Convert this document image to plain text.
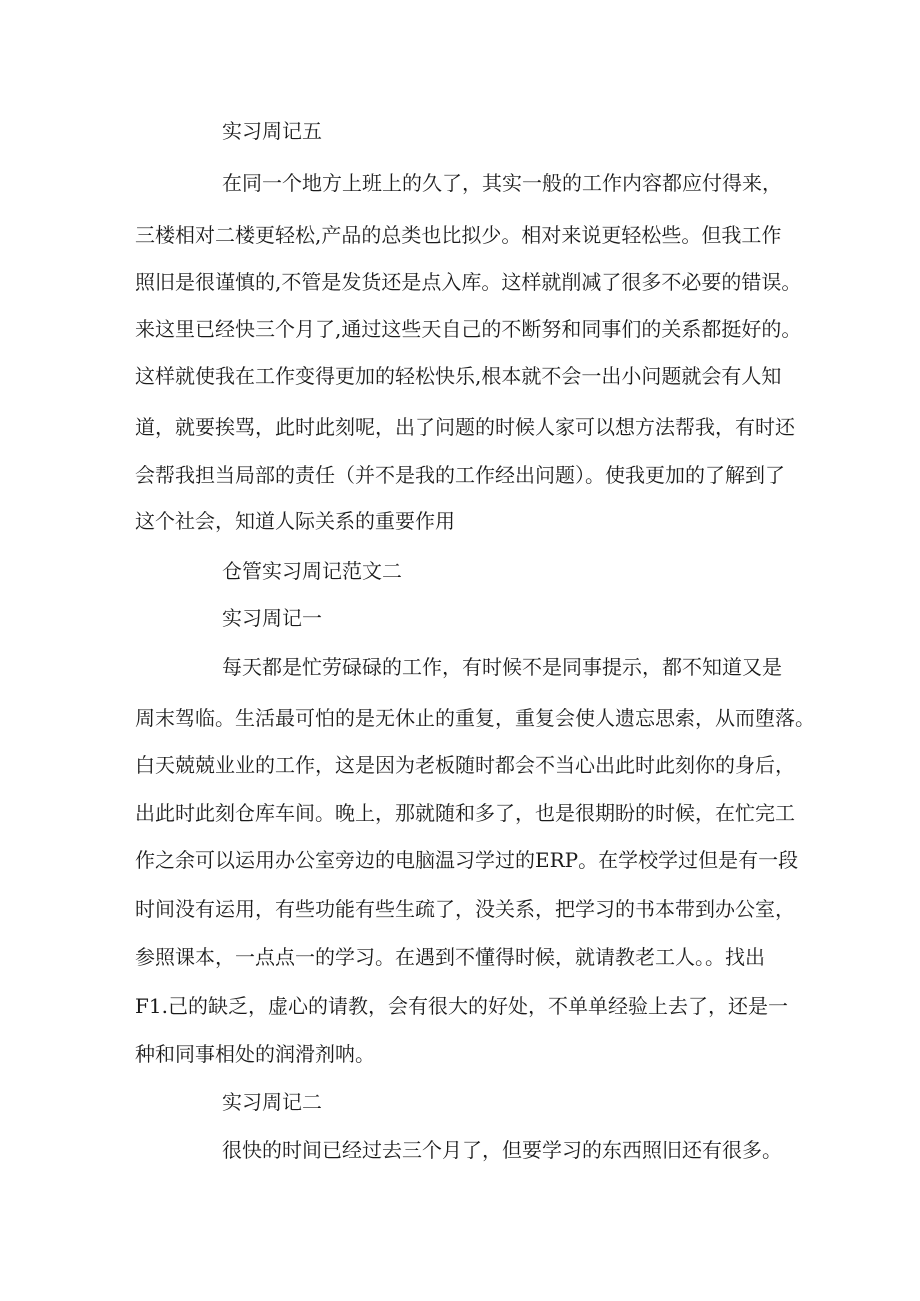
实习周记五
在同一个地方上班上的久了，其实一般的工作内容都应付得来，
三楼相对二楼更轻松,产品的总类也比拟少。相对来说更轻松些。但我工作
照旧是很谨慎的,不管是发货还是点入库。这样就削减了很多不必要的错误。
来这里已经快三个月了,通过这些天自己的不断努和同事们的关系都挺好的。
这样就使我在工作变得更加的轻松快乐,根本就不会一出小问题就会有人知
道，就要挨骂，此时此刻呢，出了问题的时候人家可以想方法帮我，有时还
会帮我担当局部的责任（并不是我的工作经出问题）。使我更加的了解到了
这个社会，知道人际关系的重要作用
仓管实习周记范文二
实习周记一
每天都是忙劳碌碌的工作，有时候不是同事提示，都不知道又是
周末驾临。生活最可怕的是无休止的重复，重复会使人遗忘思索，从而堕落。
白天兢兢业业的工作，这是因为老板随时都会不当心出此时此刻你的身后，
出此时此刻仓库车间。晚上，那就随和多了，也是很期盼的时候，在忙完工
作之余可以运用办公室旁边的电脑温习学过的ERP。在学校学过但是有一段
时间没有运用，有些功能有些生疏了，没关系，把学习的书本带到办公室，
参照课本，一点点一的学习。在遇到不懂得时候，就请教老工人。。找出
F1.己的缺乏，虚心的请教，会有很大的好处，不单单经验上去了，还是一
种和同事相处的润滑剂呐。
实习周记二
很快的时间已经过去三个月了，但要学习的东西照旧还有很多。
